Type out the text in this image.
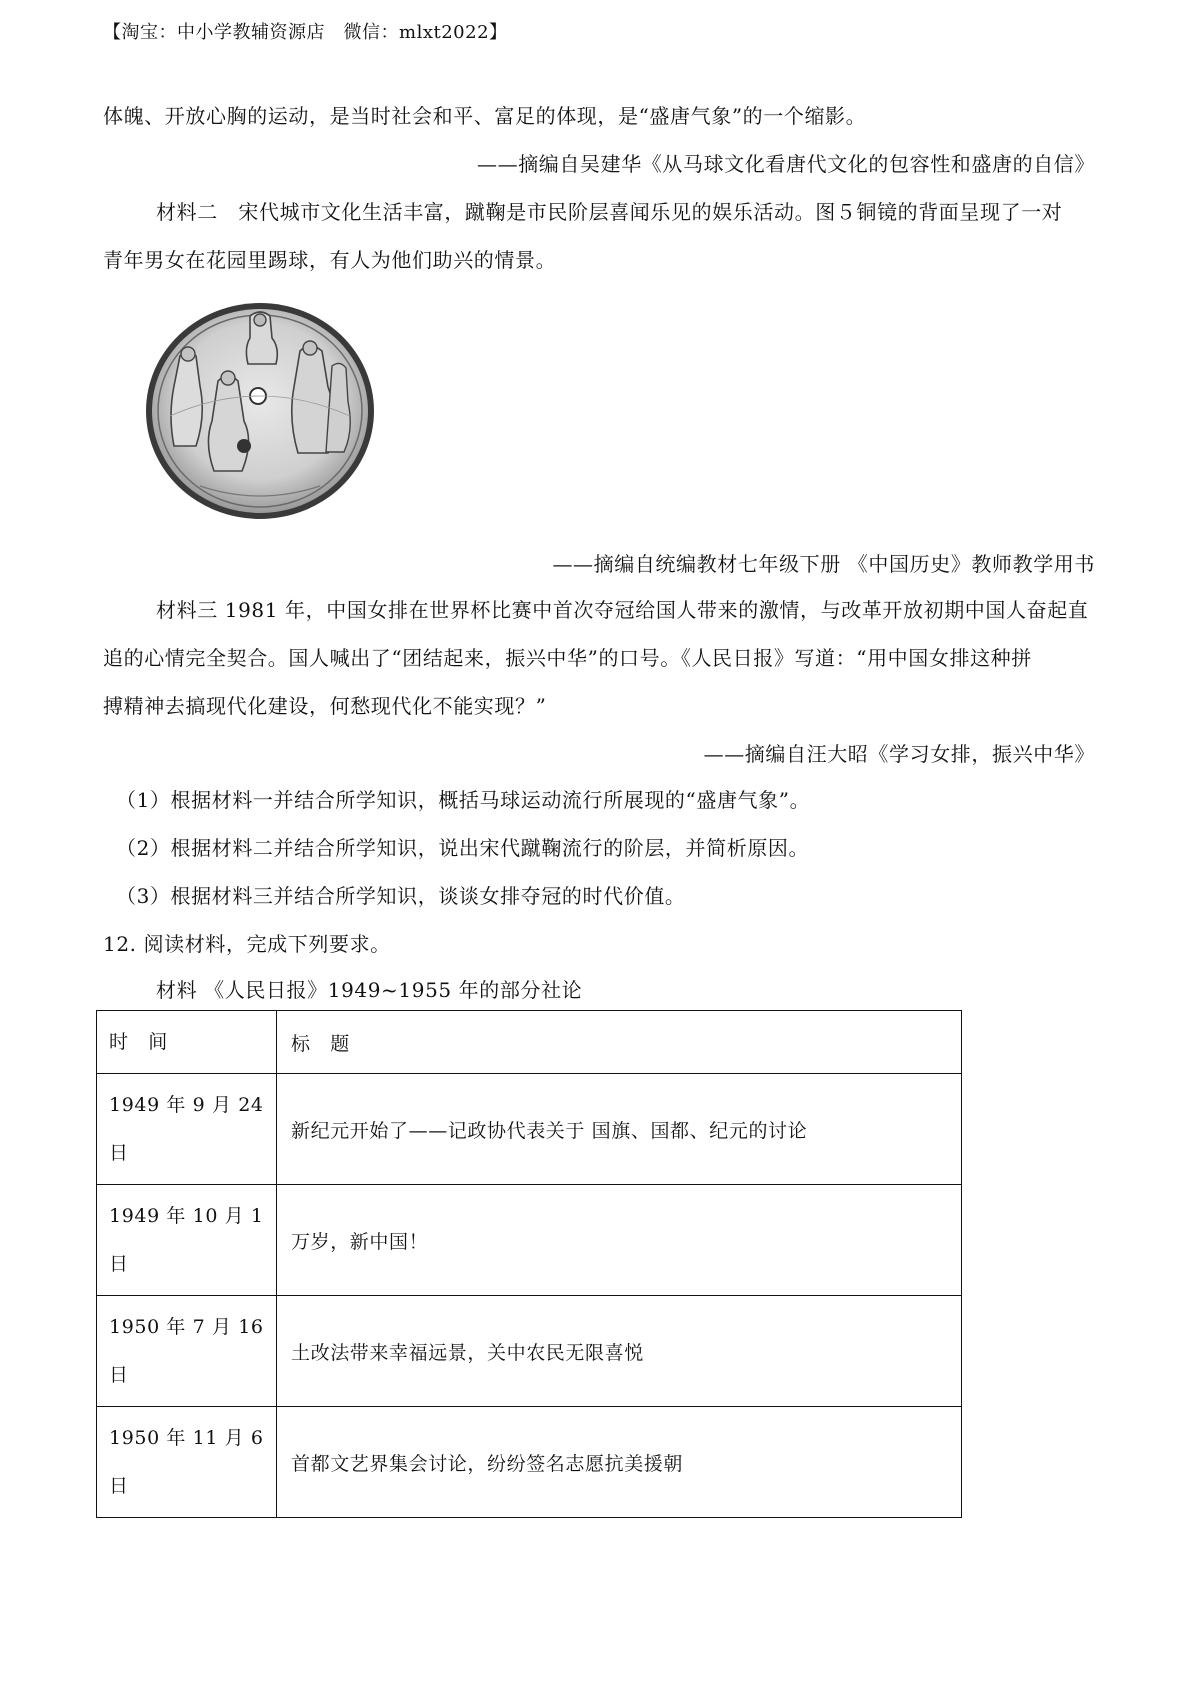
【淘宝：中小学教辅资源店　微信：mlxt2022】
体魄、开放心胸的运动，是当时社会和平、富足的体现，是“盛唐气象”的一个缩影。
——摘编自吴建华《从马球文化看唐代文化的包容性和盛唐的自信》
材料二　宋代城市文化生活丰富，蹴鞠是市民阶层喜闻乐见的娱乐活动。图５铜镜的背面呈现了一对
青年男女在花园里踢球，有人为他们助兴的情景。
——摘编自统编教材七年级下册 《中国历史》教师教学用书
材料三 1981 年，中国女排在世界杯比赛中首次夺冠给国人带来的激情，与改革开放初期中国人奋起直
追的心情完全契合。国人喊出了“团结起来，振兴中华”的口号。《人民日报》写道：“用中国女排这种拼
搏精神去搞现代化建设，何愁现代化不能实现？”
——摘编自汪大昭《学习女排，振兴中华》
（1）根据材料一并结合所学知识，概括马球运动流行所展现的“盛唐气象”。
（2）根据材料二并结合所学知识，说出宋代蹴鞠流行的阶层，并简析原因。
（3）根据材料三并结合所学知识，谈谈女排夺冠的时代价值。
12. 阅读材料，完成下列要求。
材料 《人民日报》1949~1955 年的部分社论
时　间	标　题
1949 年 9 月 24
日	新纪元开始了——记政协代表关于 国旗、国都、纪元的讨论
1949 年 10 月 1
日	万岁，新中国！
1950 年 7 月 16
日	土改法带来幸福远景，关中农民无限喜悦
1950 年 11 月 6
日	首都文艺界集会讨论，纷纷签名志愿抗美援朝
